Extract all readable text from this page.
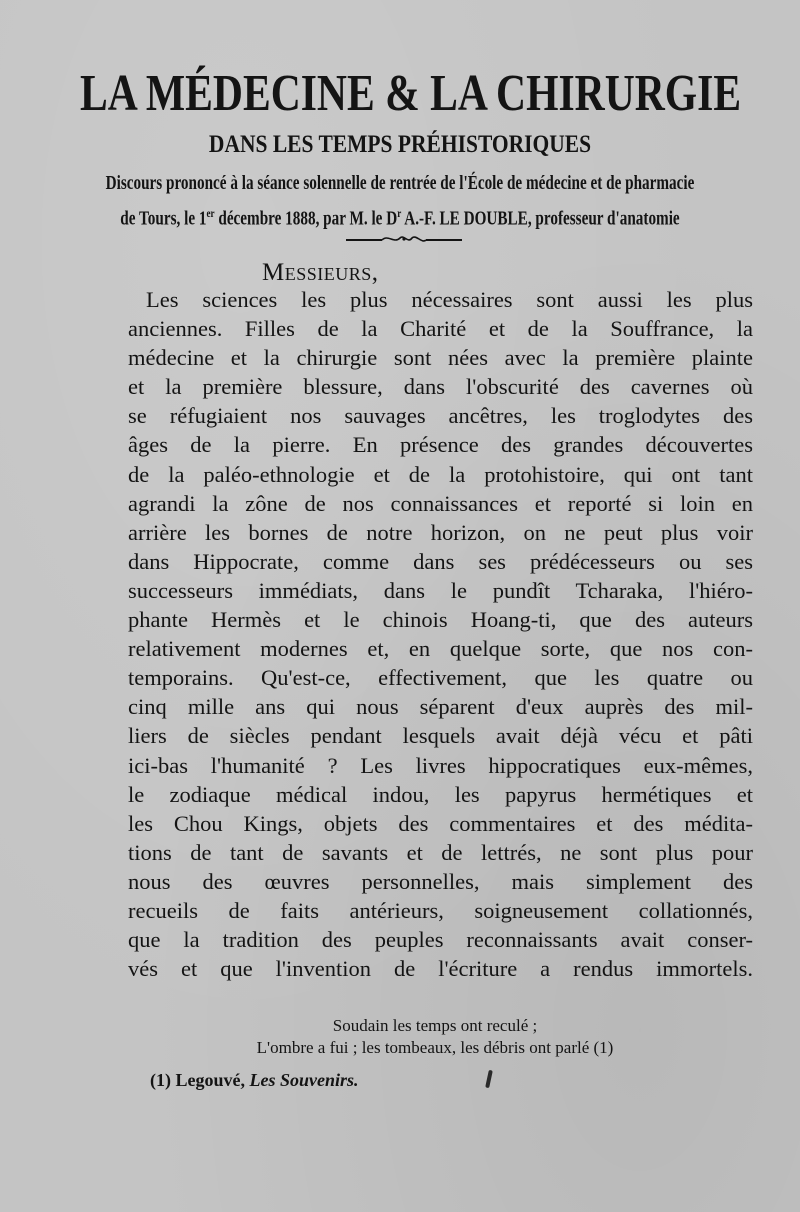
LA MÉDECINE & LA CHIRURGIE
DANS LES TEMPS PRÉHISTORIQUES
Discours prononcé à la séance solennelle de rentrée de l'École de médecine et de pharmacie
de Tours, le 1er décembre 1888, par M. le $D^r$ A.-F. LE DOUBLE, professeur d'anatomie
Messieurs,
Les sciences les plus nécessaires sont aussi les plus
anciennes. Filles de la Charité et de la Souffrance, la
médecine et la chirurgie sont nées avec la première plainte
et la première blessure, dans l'obscurité des cavernes où
se réfugiaient nos sauvages ancêtres, les troglodytes des
âges de la pierre. En présence des grandes découvertes
de la paléo-ethnologie et de la protohistoire, qui ont tant
agrandi la zône de nos connaissances et reporté si loin en
arrière les bornes de notre horizon, on ne peut plus voir
dans Hippocrate, comme dans ses prédécesseurs ou ses
successeurs immédiats, dans le pundît Tcharaka, l'hiéro-
phante Hermès et le chinois Hoang-ti, que des auteurs
relativement modernes et, en quelque sorte, que nos con-
temporains. Qu'est-ce, effectivement, que les quatre ou
cinq mille ans qui nous séparent d'eux auprès des mil-
liers de siècles pendant lesquels avait déjà vécu et pâti
ici-bas l'humanité ? Les livres hippocratiques eux-mêmes,
le zodiaque médical indou, les papyrus hermétiques et
les Chou Kings, objets des commentaires et des médita-
tions de tant de savants et de lettrés, ne sont plus pour
nous des œuvres personnelles, mais simplement des
recueils de faits antérieurs, soigneusement collationnés,
que la tradition des peuples reconnaissants avait conser-
vés et que l'invention de l'écriture a rendus immortels.
Soudain les temps ont reculé ;
L'ombre a fui ; les tombeaux, les débris ont parlé (1)
(1) Legouvé, Les Souvenirs.
